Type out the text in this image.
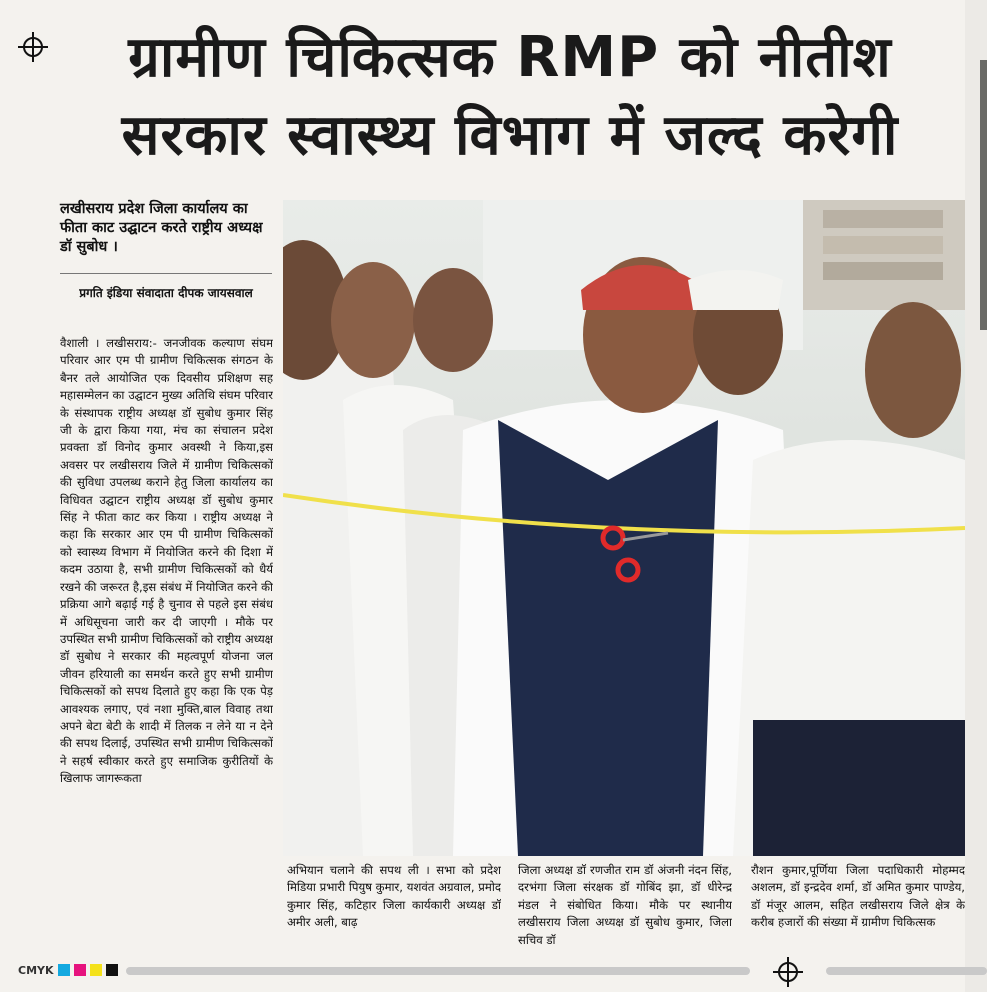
ग्रामीण चिकित्सक RMP को नीतीश
सरकार स्वास्थ्य विभाग में जल्द करेगी
लखीसराय प्रदेश जिला कार्यालय का फीता काट उद्घाटन करते राष्ट्रीय अध्यक्ष डॉ सुबोध ।
प्रगति इंडिया संवादाता दीपक जायसवाल
वैशाली । लखीसराय:- जनजीवक कल्याण संघम परिवार आर एम पी ग्रामीण चिकित्सक संगठन के बैनर तले आयोजित एक दिवसीय प्रशिक्षण सह महासम्मेलन का उद्घाटन मुख्य अतिथि संघम परिवार के संस्थापक राष्ट्रीय अध्यक्ष डॉ सुबोध कुमार सिंह जी के द्वारा किया गया, मंच का संचालन प्रदेश प्रवक्ता डॉ विनोद कुमार अवस्थी ने किया,इस अवसर पर लखीसराय जिले में ग्रामीण चिकित्सकों की सुविधा उपलब्ध कराने हेतु जिला कार्यालय का विधिवत उद्घाटन राष्ट्रीय अध्यक्ष डॉ सुबोध कुमार सिंह ने फीता काट कर किया । राष्ट्रीय अध्यक्ष ने कहा कि सरकार आर एम पी ग्रामीण चिकित्सकों को स्वास्थ्य विभाग में नियोजित करने की दिशा में कदम उठाया है, सभी ग्रामीण चिकित्सकों को धैर्य रखने की जरूरत है,इस संबंध में नियोजित करने की प्रक्रिया आगे बढ़ाई गई है चुनाव से पहले इस संबंध में अधिसूचना जारी कर दी जाएगी । मौके पर उपस्थित सभी ग्रामीण चिकित्सकों को राष्ट्रीय अध्यक्ष डॉ सुबोध ने सरकार की महत्वपूर्ण योजना जल जीवन हरियाली का समर्थन करते हुए सभी ग्रामीण चिकित्सकों को सपथ दिलाते हुए कहा कि एक पेड़ आवश्यक लगाए, एवं नशा मुक्ति,बाल विवाह तथा अपने बेटा बेटी के शादी में तिलक न लेने या न देने की सपथ दिलाई, उपस्थित सभी ग्रामीण चिकित्सकों ने सहर्ष स्वीकार करते हुए समाजिक कुरीतियों के खिलाफ जागरूकता
अभियान चलाने की सपथ ली । सभा को प्रदेश मिडिया प्रभारी पियुष कुमार, यशवंत अग्रवाल, प्रमोद कुमार सिंह, कटिहार जिला कार्यकारी अध्यक्ष डॉ अमीर अली, बाढ़
जिला अध्यक्ष डॉ रणजीत राम डॉ अंजनी नंदन सिंह, दरभंगा जिला संरक्षक डॉ गोबिंद झा, डॉ धीरेन्द्र मंडल ने संबोधित किया। मौके पर स्थानीय लखीसराय जिला अध्यक्ष डॉ सुबोध कुमार, जिला सचिव डॉ
रौशन कुमार,पूर्णिया जिला पदाधिकारी मोहम्मद अशलम, डॉ इन्द्रदेव शर्मा, डॉ अमित कुमार पाण्डेय, डॉ मंजूर आलम, सहित लखीसराय जिले क्षेत्र के करीब हजारों की संख्या में ग्रामीण चिकित्सक
CMYK
